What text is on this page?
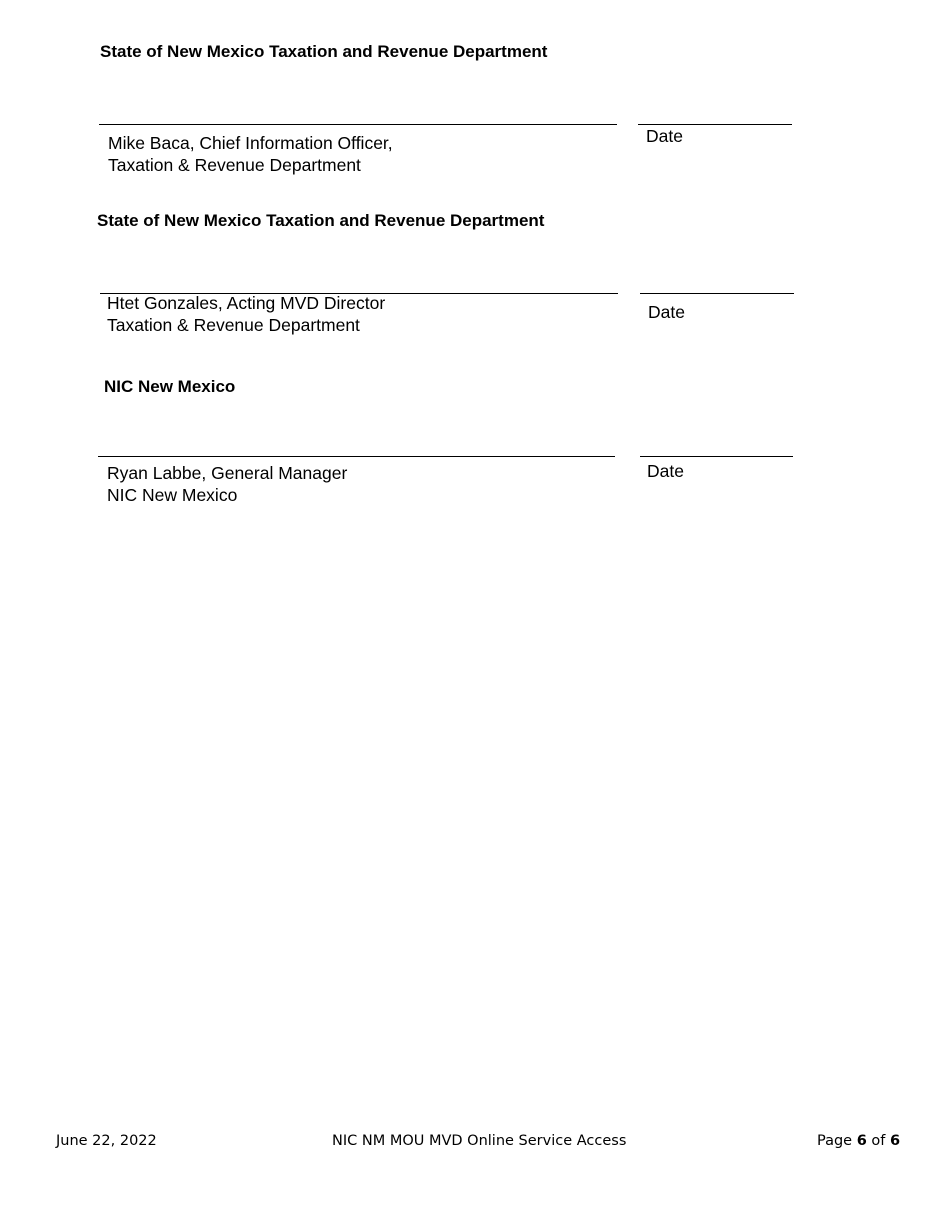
State of New Mexico Taxation and Revenue Department
Mike Baca, Chief Information Officer,
Taxation & Revenue Department
Date
State of New Mexico Taxation and Revenue Department
Htet Gonzales, Acting MVD Director
Taxation & Revenue Department
Date
NIC New Mexico
Ryan Labbe, General Manager
NIC New Mexico
Date
June 22, 2022	NIC NM MOU MVD Online Service Access	Page 6 of 6
